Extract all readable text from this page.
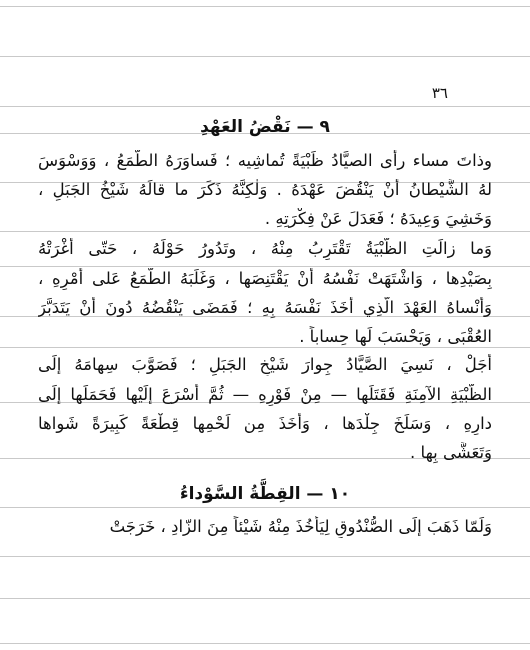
٣٦
٩ — نَقْضُ العَهْدِ
وذاتَ مساء رأى الصيَّادُ ظَبْيَةً تُماشِيه ؛ فَساوَرَهُ الطَّمَعُ ، وَوَسْوَسَ
لهُ الشَّيْطانُ أنْ يَنْقُضَ عَهْدَهُ . وَلٰكِنَّهُ ذَكَرَ ما قالَهُ شَيْخُ الجَبَلِ ،
وَخَشِيَ وَعِيدَهُ ؛ فَعَدَلَ عَنْ فِكْرَتِهِ .
وَما زالَتِ الظَّبْيَةُ تَقْتَرِبُ مِنْهُ ، وتَدُورُ حَوْلَهُ ، حَتّى أغْرَتْهُ
بِصَيْدِها ، وَاشْتَهَتْ نَفْسُهُ أنْ يَقْتَنِصَها ، وَغَلَبَهُ الطَّمَعُ عَلى أمْرِهِ ،
وَأَنْساهُ العَهْدَ الَّذِي أَخَذَ نَفْسَهُ بِهِ ؛ فَمَضَى يَنْقُضُهُ دُونَ أنْ يَتَدَبَّرَ
العُقْبَى ، وَيَحْسَبَ لَها حِساباً .
أَجَلْ ، نَسِيَ الصَّيَّادُ جِوارَ شَيْخِ الجَبَلِ ؛ فَصَوَّبَ سِهامَهُ إلَى
الظَّبْيَةِ الآمِنَةِ فَقَتَلَها — مِنْ فَوْرِهِ — ثُمَّ أَسْرَعَ إلَيْها فَحَمَلَها إلَى
دارِهِ ، وَسَلَخَ جِلْدَها ، وَأَخَذَ مِن لَحْمِها قِطْعَةً كَبِيرَةً شَواها
وَتَعَشَّى بِها .
١٠ — القِطَّةُ السَّوْداءُ
وَلَمّا ذَهَبَ إلَى الصُّنْدُوقِ لِيَأْخُذَ مِنْهُ شَيْئاً مِنَ الزّادِ ، خَرَجَتْ
